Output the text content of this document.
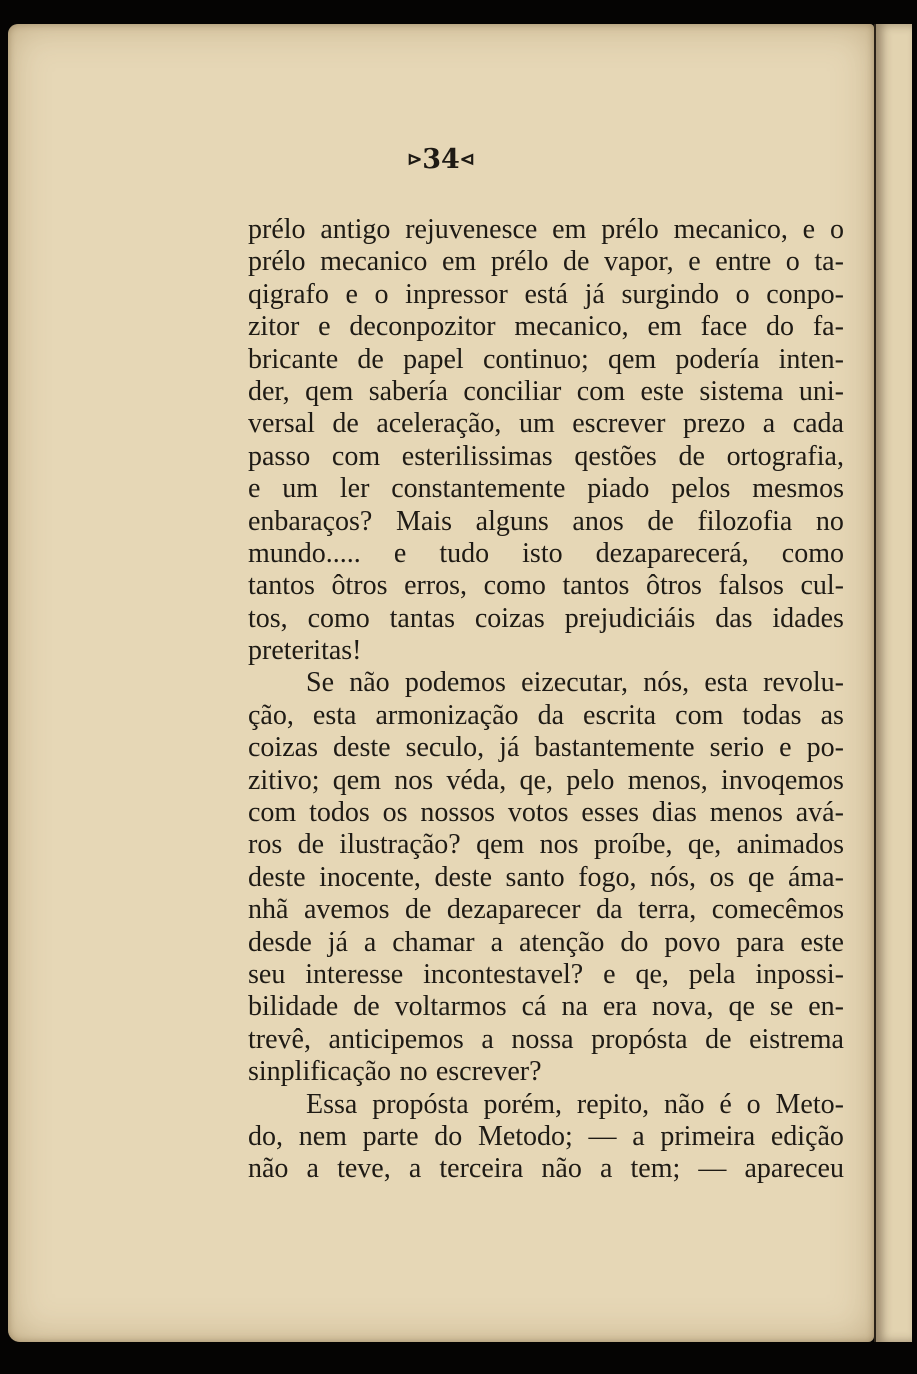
⊳34⊲
prélo antigo rejuvenesce em prélo mecanico, e o
prélo mecanico em prélo de vapor, e entre o ta-
qigrafo e o inpressor está já surgindo o conpo-
zitor e deconpozitor mecanico, em face do fa-
bricante de papel continuo; qem podería inten-
der, qem sabería conciliar com este sistema uni-
versal de aceleração, um escrever prezo a cada
passo com esterilissimas qestões de ortografia,
e um ler constantemente piado pelos mesmos
enbaraços? Mais alguns anos de filozofia no
mundo..... e tudo isto dezaparecerá, como
tantos ôtros erros, como tantos ôtros falsos cul-
tos, como tantas coizas prejudiciáis das idades
preteritas!
Se não podemos eizecutar, nós, esta revolu-
ção, esta armonização da escrita com todas as
coizas deste seculo, já bastantemente serio e po-
zitivo; qem nos véda, qe, pelo menos, invoqemos
com todos os nossos votos esses dias menos avá-
ros de ilustração? qem nos proíbe, qe, animados
deste inocente, deste santo fogo, nós, os qe áma-
nhã avemos de dezaparecer da terra, comecêmos
desde já a chamar a atenção do povo para este
seu interesse incontestavel? e qe, pela inpossi-
bilidade de voltarmos cá na era nova, qe se en-
trevê, anticipemos a nossa propósta de eistrema
sinplificação no escrever?
Essa propósta porém, repito, não é o Meto-
do, nem parte do Metodo; — a primeira edição
não a teve, a terceira não a tem; — apareceu
